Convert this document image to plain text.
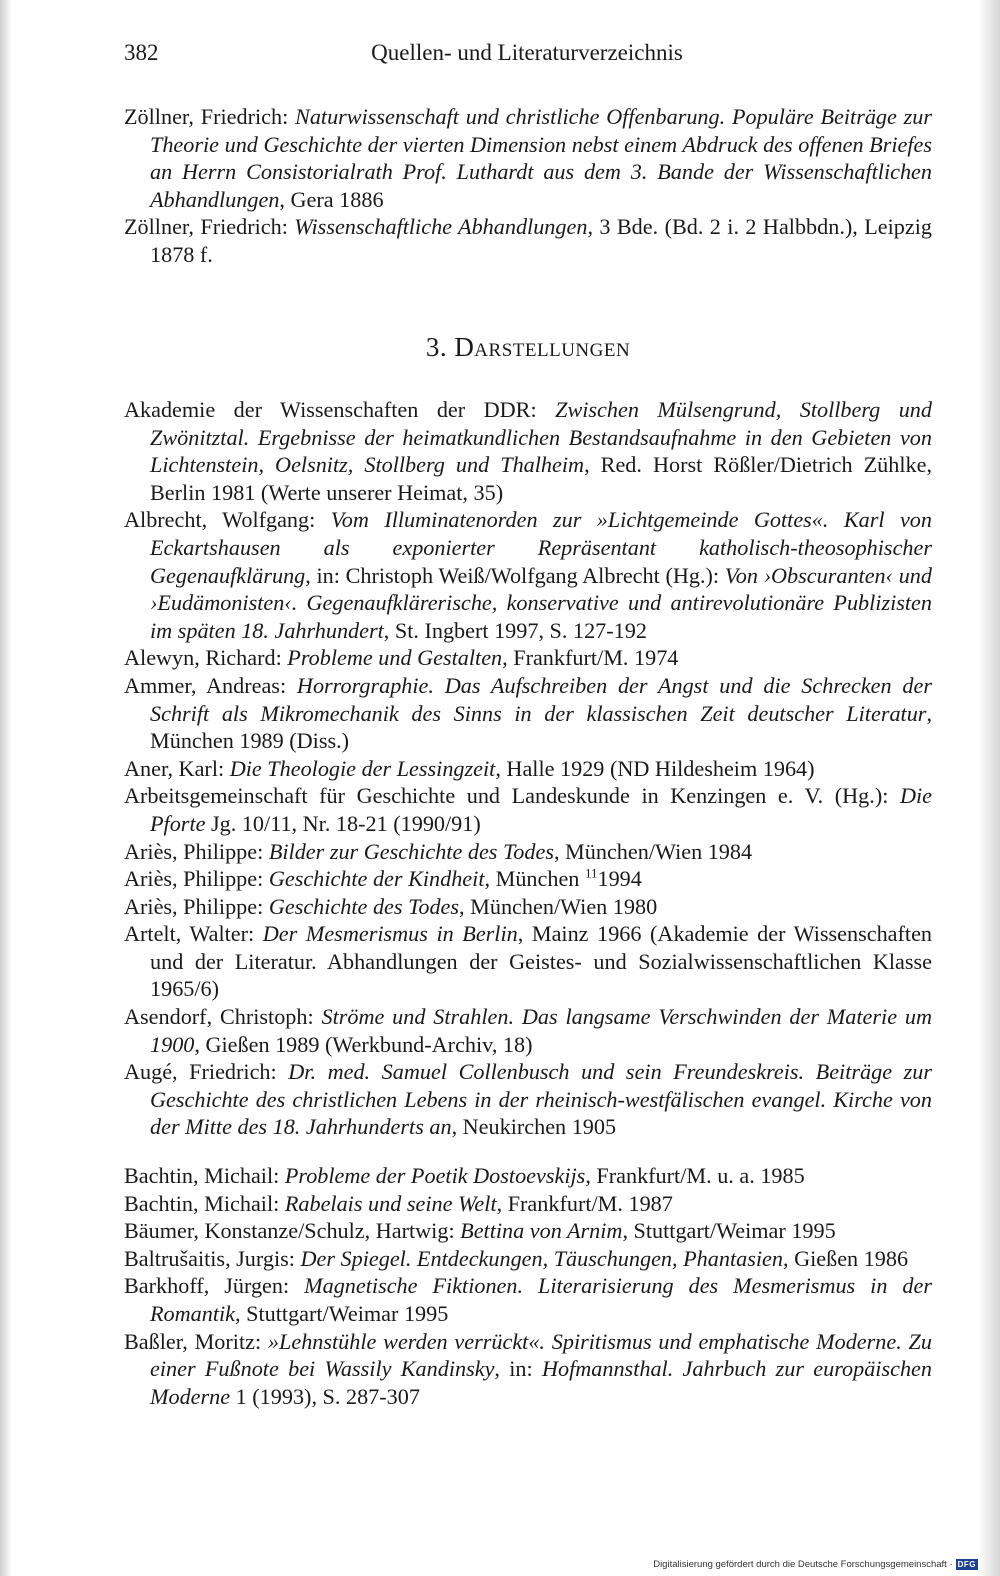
382	Quellen- und Literaturverzeichnis

Zöllner, Friedrich: Naturwissenschaft und christliche Offenbarung. Populäre Beiträge zur Theorie und Geschichte der vierten Dimension nebst einem Abdruck des offenen Briefes an Herrn Consistorialrath Prof. Luthardt aus dem 3. Bande der Wissenschaftlichen Abhandlungen, Gera 1886

Zöllner, Friedrich: Wissenschaftliche Abhandlungen, 3 Bde. (Bd. 2 i. 2 Halbbdn.), Leipzig 1878 f.

3. Darstellungen

Akademie der Wissenschaften der DDR: Zwischen Mülsengrund, Stollberg und Zwönitztal. Ergebnisse der heimatkundlichen Bestandsaufnahme in den Gebieten von Lichtenstein, Oelsnitz, Stollberg und Thalheim, Red. Horst Rößler/Dietrich Zühlke, Berlin 1981 (Werte unserer Heimat, 35)

Albrecht, Wolfgang: Vom Illuminatenorden zur »Lichtgemeinde Gottes«. Karl von Eckartshausen als exponierter Repräsentant katholisch-theosophischer Gegenaufklärung, in: Christoph Weiß/Wolfgang Albrecht (Hg.): Von ›Obscuranten‹ und ›Eudämonisten‹. Gegenaufklärerische, konservative und antirevolutionäre Publizisten im späten 18. Jahrhundert, St. Ingbert 1997, S. 127-192

Alewyn, Richard: Probleme und Gestalten, Frankfurt/M. 1974

Ammer, Andreas: Horrorgraphie. Das Aufschreiben der Angst und die Schrecken der Schrift als Mikromechanik des Sinns in der klassischen Zeit deutscher Literatur, München 1989 (Diss.)

Aner, Karl: Die Theologie der Lessingzeit, Halle 1929 (ND Hildesheim 1964)

Arbeitsgemeinschaft für Geschichte und Landeskunde in Kenzingen e. V. (Hg.): Die Pforte Jg. 10/11, Nr. 18-21 (1990/91)

Ariès, Philippe: Bilder zur Geschichte des Todes, München/Wien 1984

Ariès, Philippe: Geschichte der Kindheit, München $^{11}$1994

Ariès, Philippe: Geschichte des Todes, München/Wien 1980

Artelt, Walter: Der Mesmerismus in Berlin, Mainz 1966 (Akademie der Wissenschaften und der Literatur. Abhandlungen der Geistes- und Sozialwissenschaftlichen Klasse 1965/6)

Asendorf, Christoph: Ströme und Strahlen. Das langsame Verschwinden der Materie um 1900, Gießen 1989 (Werkbund-Archiv, 18)

Augé, Friedrich: Dr. med. Samuel Collenbusch und sein Freundeskreis. Beiträge zur Geschichte des christlichen Lebens in der rheinisch-westfälischen evangel. Kirche von der Mitte des 18. Jahrhunderts an, Neukirchen 1905

Bachtin, Michail: Probleme der Poetik Dostoevskijs, Frankfurt/M. u. a. 1985

Bachtin, Michail: Rabelais und seine Welt, Frankfurt/M. 1987

Bäumer, Konstanze/Schulz, Hartwig: Bettina von Arnim, Stuttgart/Weimar 1995

Baltrušaitis, Jurgis: Der Spiegel. Entdeckungen, Täuschungen, Phantasien, Gießen 1986

Barkhoff, Jürgen: Magnetische Fiktionen. Literarisierung des Mesmerismus in der Romantik, Stuttgart/Weimar 1995

Baßler, Moritz: »Lehnstühle werden verrückt«. Spiritismus und emphatische Moderne. Zu einer Fußnote bei Wassily Kandinsky, in: Hofmannsthal. Jahrbuch zur europäischen Moderne 1 (1993), S. 287-307

Digitalisierung gefördert durch die Deutsche Forschungsgemeinschaft · DFG
